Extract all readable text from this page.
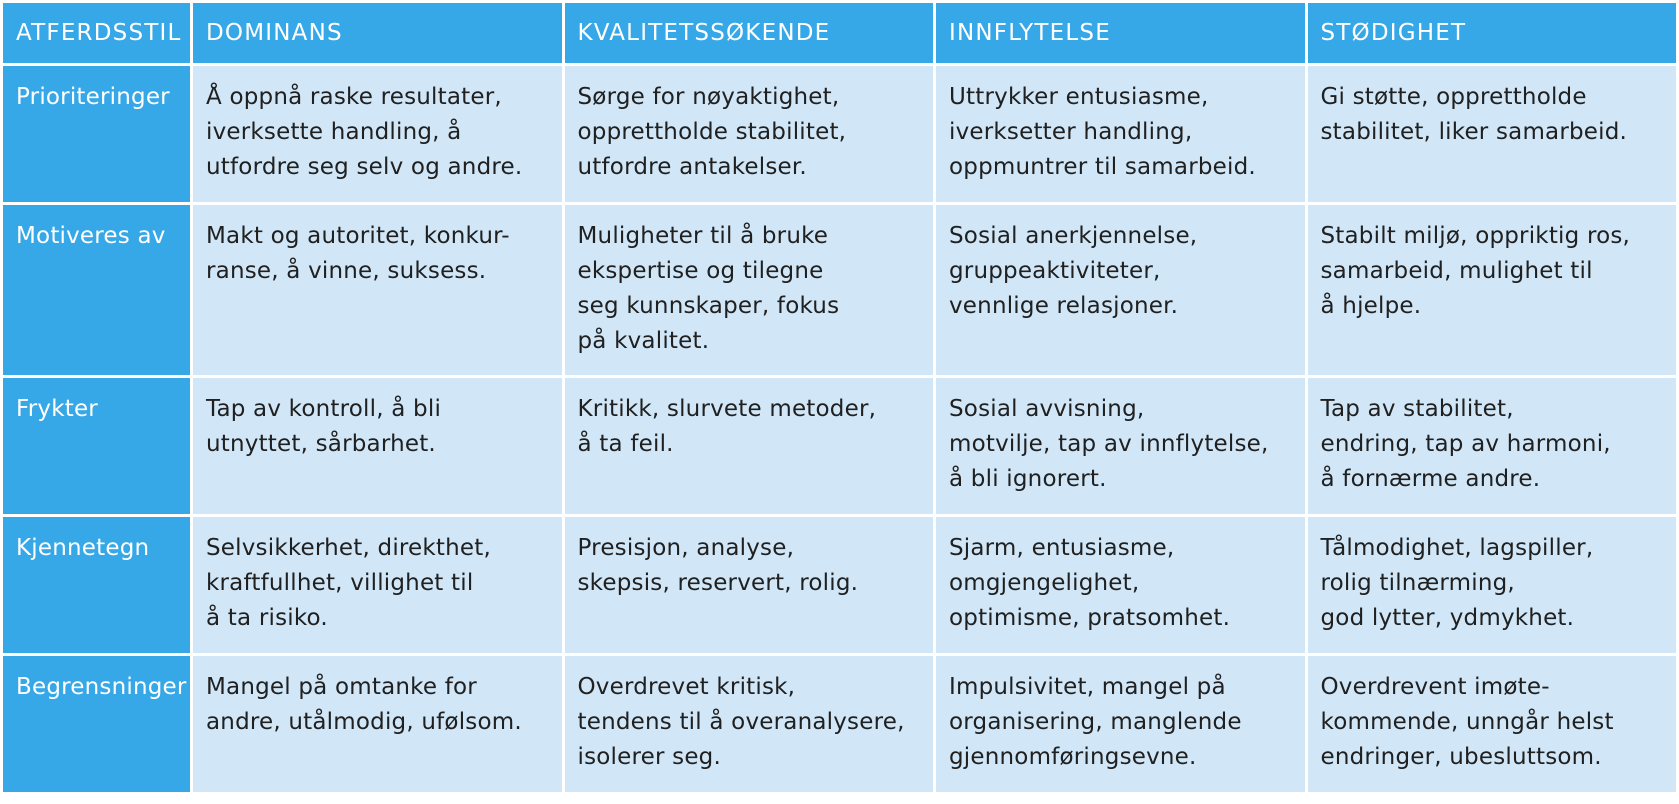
ATFERDSSTIL	DOMINANS	KVALITETSSØKENDE	INNFLYTELSE	STØDIGHET
Prioriteringer	Å oppnå raske resultater,
iverksette handling, å
utfordre seg selv og andre.	Sørge for nøyaktighet,
opprettholde stabilitet,
utfordre antakelser.	Uttrykker entusiasme,
iverksetter handling,
oppmuntrer til samarbeid.	Gi støtte, opprettholde
stabilitet, liker samarbeid.
Motiveres av	Makt og autoritet, konkur-
ranse, å vinne, suksess.	Muligheter til å bruke
ekspertise og tilegne
seg kunnskaper, fokus
på kvalitet.	Sosial anerkjennelse,
gruppeaktiviteter,
vennlige relasjoner.	Stabilt miljø, oppriktig ros,
samarbeid, mulighet til
å hjelpe.
Frykter	Tap av kontroll, å bli
utnyttet, sårbarhet.	Kritikk, slurvete metoder,
å ta feil.	Sosial avvisning,
motvilje, tap av innflytelse,
å bli ignorert.	Tap av stabilitet,
endring, tap av harmoni,
å fornærme andre.
Kjennetegn	Selvsikkerhet, direkthet,
kraftfullhet, villighet til
å ta risiko.	Presisjon, analyse,
skepsis, reservert, rolig.	Sjarm, entusiasme,
omgjengelighet,
optimisme, pratsomhet.	Tålmodighet, lagspiller,
rolig tilnærming,
god lytter, ydmykhet.
Begrensninger	Mangel på omtanke for
andre, utålmodig, ufølsom.	Overdrevet kritisk,
tendens til å overanalysere,
isolerer seg.	Impulsivitet, mangel på
organisering, manglende
gjennomføringsevne.	Overdrevent imøte-
kommende, unngår helst
endringer, ubesluttsom.
